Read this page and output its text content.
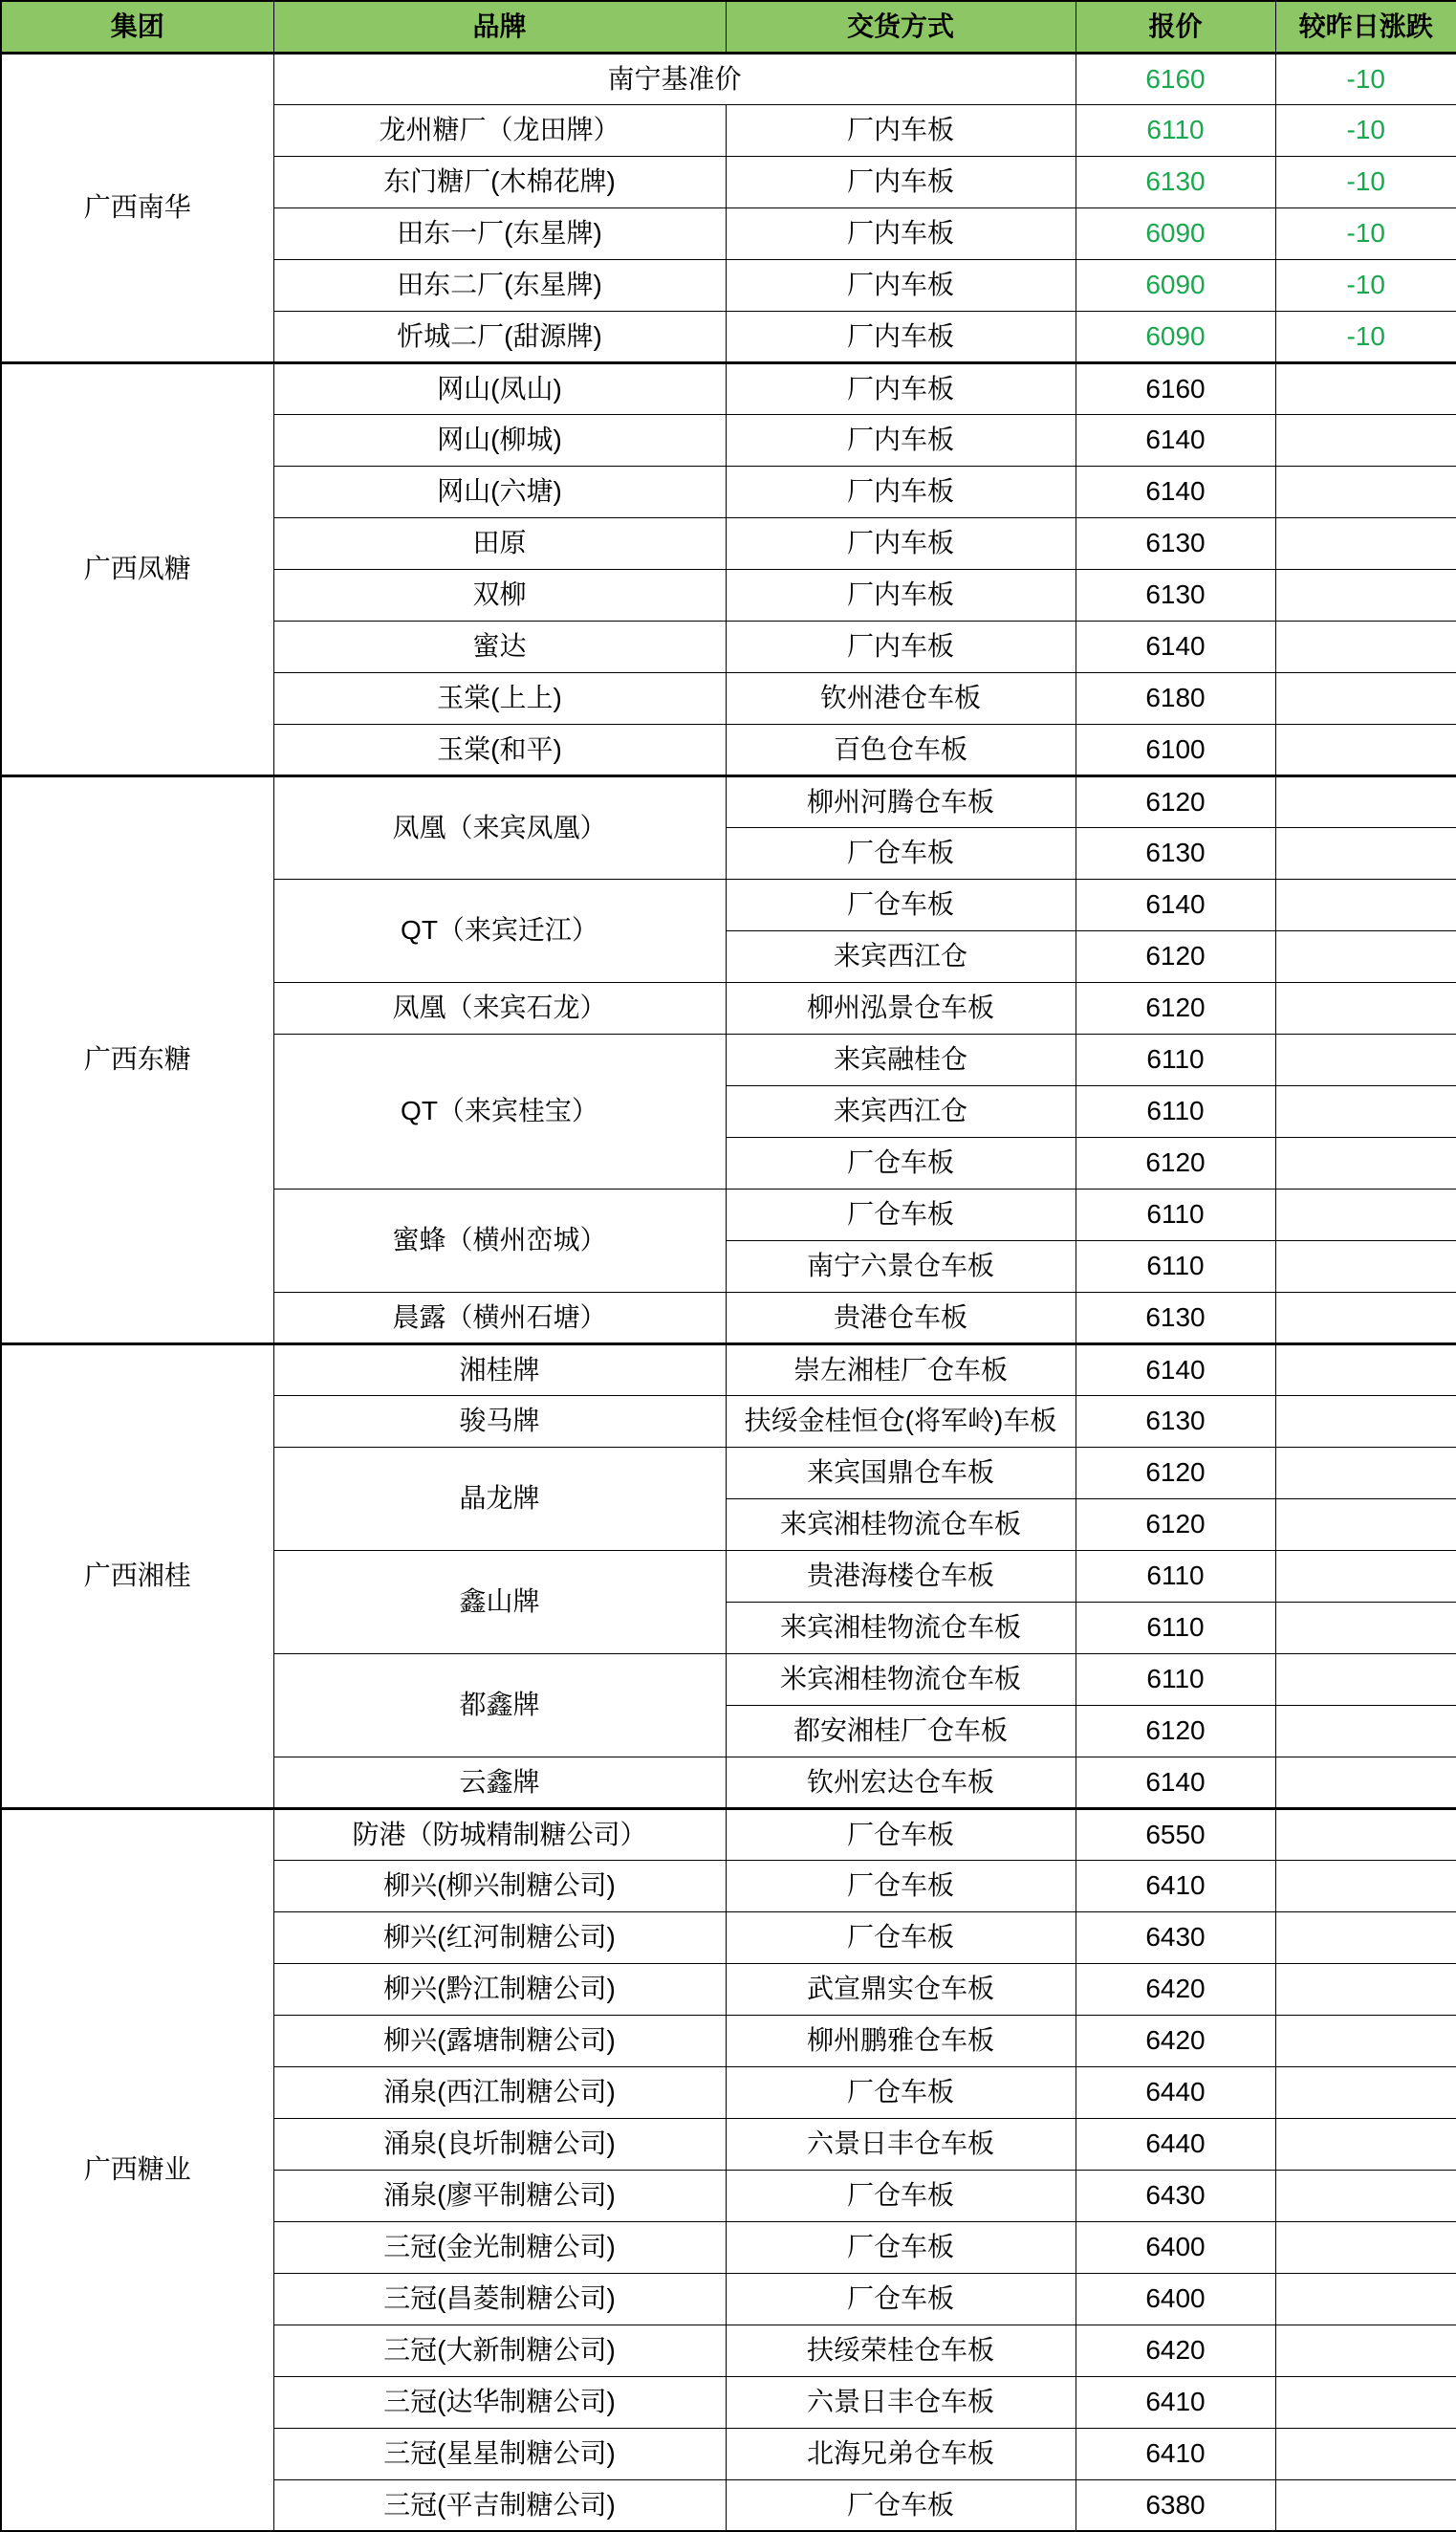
集团	品牌	交货方式	报价	较昨日涨跌
广西南华	南宁基准价		6160	-10
	龙州糖厂（龙田牌）	厂内车板	6110	-10
	东门糖厂(木棉花牌)	厂内车板	6130	-10
	田东一厂(东星牌)	厂内车板	6090	-10
	田东二厂(东星牌)	厂内车板	6090	-10
	忻城二厂(甜源牌)	厂内车板	6090	-10
广西凤糖	网山(凤山)	厂内车板	6160	
	网山(柳城)	厂内车板	6140	
	网山(六塘)	厂内车板	6140	
	田原	厂内车板	6130	
	双柳	厂内车板	6130	
	蜜达	厂内车板	6140	
	玉棠(上上)	钦州港仓车板	6180	
	玉棠(和平)	百色仓车板	6100	
广西东糖	凤凰（来宾凤凰）	柳州河腾仓车板	6120	
		厂仓车板	6130	
	QT（来宾迁江）	厂仓车板	6140	
		来宾西江仓	6120	
	凤凰（来宾石龙）	柳州泓景仓车板	6120	
	QT（来宾桂宝）	来宾融桂仓	6110	
		来宾西江仓	6110	
		厂仓车板	6120	
	蜜蜂（横州峦城）	厂仓车板	6110	
		南宁六景仓车板	6110	
	晨露（横州石塘）	贵港仓车板	6130	
广西湘桂	湘桂牌	崇左湘桂厂仓车板	6140	
	骏马牌	扶绥金桂恒仓(将军岭)车板	6130	
	晶龙牌	来宾国鼎仓车板	6120	
		来宾湘桂物流仓车板	6120	
	鑫山牌	贵港海楼仓车板	6110	
		来宾湘桂物流仓车板	6110	
	都鑫牌	米宾湘桂物流仓车板	6110	
		都安湘桂厂仓车板	6120	
	云鑫牌	钦州宏达仓车板	6140	
广西糖业	防港（防城精制糖公司）	厂仓车板	6550	
	柳兴(柳兴制糖公司)	厂仓车板	6410	
	柳兴(红河制糖公司)	厂仓车板	6430	
	柳兴(黔江制糖公司)	武宣鼎实仓车板	6420	
	柳兴(露塘制糖公司)	柳州鹏雅仓车板	6420	
	涌泉(西江制糖公司)	厂仓车板	6440	
	涌泉(良圻制糖公司)	六景日丰仓车板	6440	
	涌泉(廖平制糖公司)	厂仓车板	6430	
	三冠(金光制糖公司)	厂仓车板	6400	
	三冠(昌菱制糖公司)	厂仓车板	6400	
	三冠(大新制糖公司)	扶绥荣桂仓车板	6420	
	三冠(达华制糖公司)	六景日丰仓车板	6410	
	三冠(星星制糖公司)	北海兄弟仓车板	6410	
	三冠(平吉制糖公司)	厂仓车板	6380	
